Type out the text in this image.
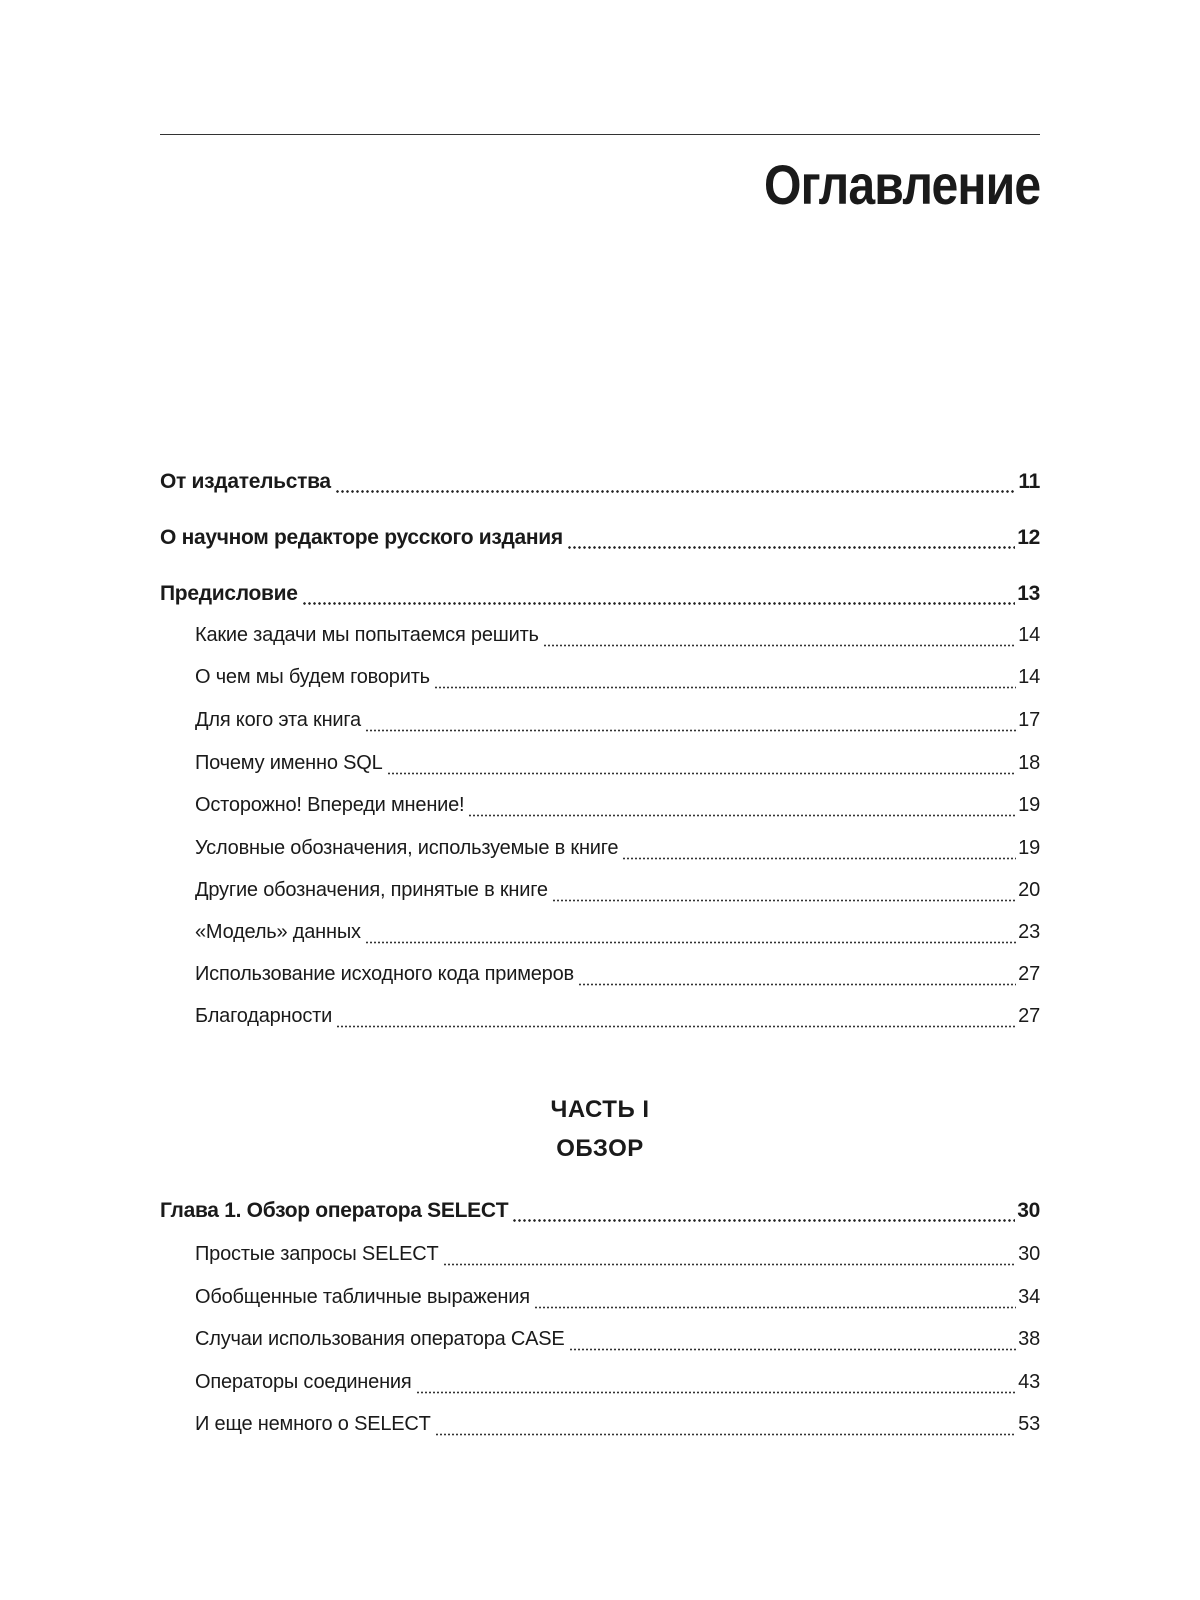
Оглавление
От издательства	11
О научном редакторе русского издания	12
Предисловие	13
Какие задачи мы попытаемся решить	14
О чем мы будем говорить	14
Для кого эта книга	17
Почему именно SQL	18
Осторожно! Впереди мнение!	19
Условные обозначения, используемые в книге	19
Другие обозначения, принятые в книге	20
«Модель» данных	23
Использование исходного кода примеров	27
Благодарности	27
ЧАСТЬ I
ОБЗОР
Глава 1. Обзор оператора SELECT	30
Простые запросы SELECT	30
Обобщенные табличные выражения	34
Случаи использования оператора CASE	38
Операторы соединения	43
И еще немного о SELECT	53
